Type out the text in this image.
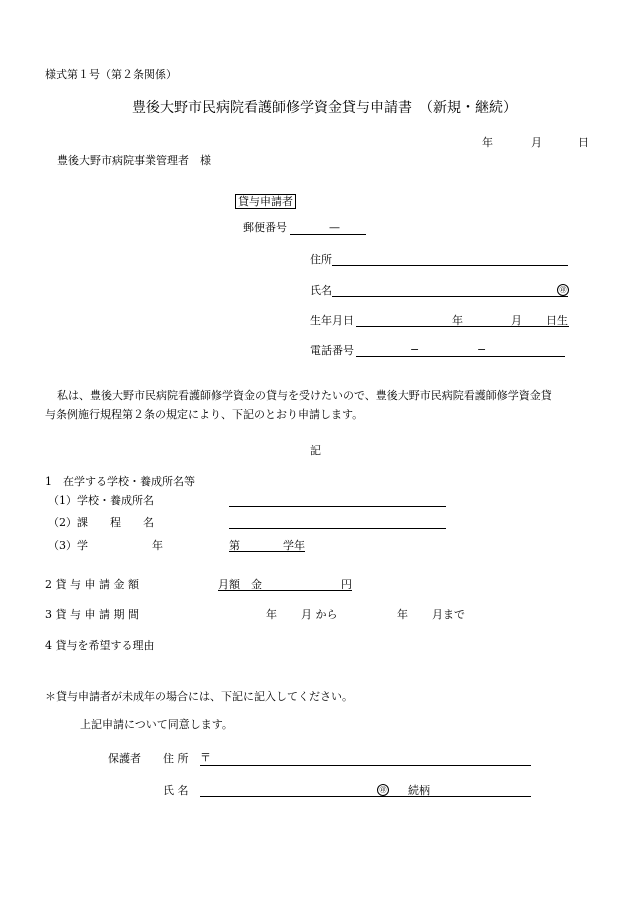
様式第１号（第２条関係）
豊後大野市民病院看護師修学資金貸与申請書　（新規・継続）
年	月	日
豊後大野市病院事業管理者　様
貸与申請者
郵便番号	—
住所
氏名	㊞
生年月日	年	月 日生
電話番号	−	−
私は、豊後大野市民病院看護師修学資金の貸与を受けたいので、豊後大野市民病院看護師修学資金貸
与条例施行規程第２条の規定により、下記のとおり申請します。
記
1　在学する学校・養成所名等
（1）学校・養成所名
（2）課　　程　　名
（3）学	年	第	学年
2 貸 与 申 請 金 額	月額　金	円
3 貸 与 申 請 期 間	年 月 から	年 月まで
4 貸与を希望する理由
＊貸与申請者が未成年の場合には、下記に記入してください。
上記申請について同意します。
保護者 住 所 〒
氏 名	㊞ 続柄
